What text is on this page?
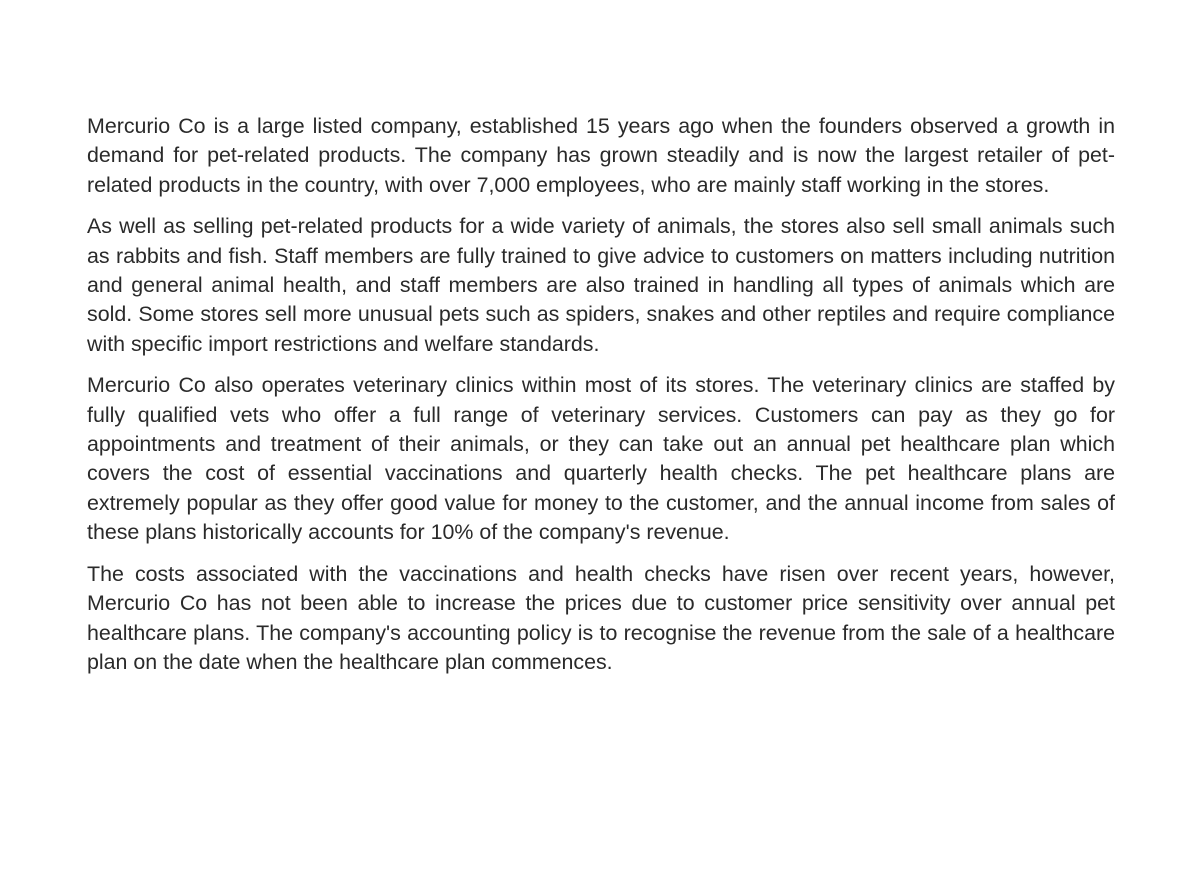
Mercurio Co is a large listed company, established 15 years ago when the founders observed a growth in demand for pet-related products. The company has grown steadily and is now the largest retailer of pet-related products in the country, with over 7,000 employees, who are mainly staff working in the stores.

As well as selling pet-related products for a wide variety of animals, the stores also sell small animals such as rabbits and fish. Staff members are fully trained to give advice to customers on matters including nutrition and general animal health, and staff members are also trained in handling all types of animals which are sold. Some stores sell more unusual pets such as spiders, snakes and other reptiles and require compliance with specific import restrictions and welfare standards.

Mercurio Co also operates veterinary clinics within most of its stores. The veterinary clinics are staffed by fully qualified vets who offer a full range of veterinary services. Customers can pay as they go for appointments and treatment of their animals, or they can take out an annual pet healthcare plan which covers the cost of essential vaccinations and quarterly health checks. The pet healthcare plans are extremely popular as they offer good value for money to the customer, and the annual income from sales of these plans historically accounts for 10% of the company's revenue.

The costs associated with the vaccinations and health checks have risen over recent years, however, Mercurio Co has not been able to increase the prices due to customer price sensitivity over annual pet healthcare plans. The company's accounting policy is to recognise the revenue from the sale of a healthcare plan on the date when the healthcare plan commences.
